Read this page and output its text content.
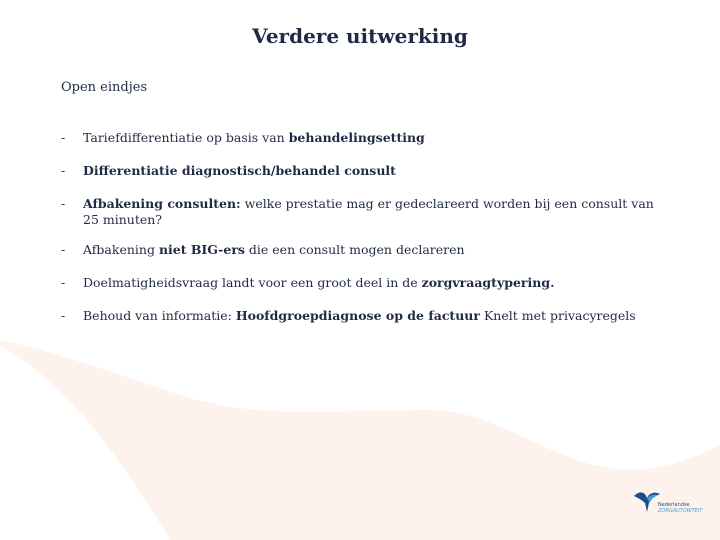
Verdere uitwerking
Open eindjes
- Tariefdifferentiatie op basis van behandelingsetting
- Differentiatie diagnostisch/behandel consult
- Afbakening consulten: welke prestatie mag er gedeclareerd worden bij een consult van 25 minuten?
- Afbakening niet BIG-ers die een consult mogen declareren
- Doelmatigheidsvraag landt voor een groot deel in de zorgvraagtypering.
- Behoud van informatie: Hoofdgroepdiagnose op de factuur Knelt met privacyregels
Nederlandse
ZORGAUTORITEIT
